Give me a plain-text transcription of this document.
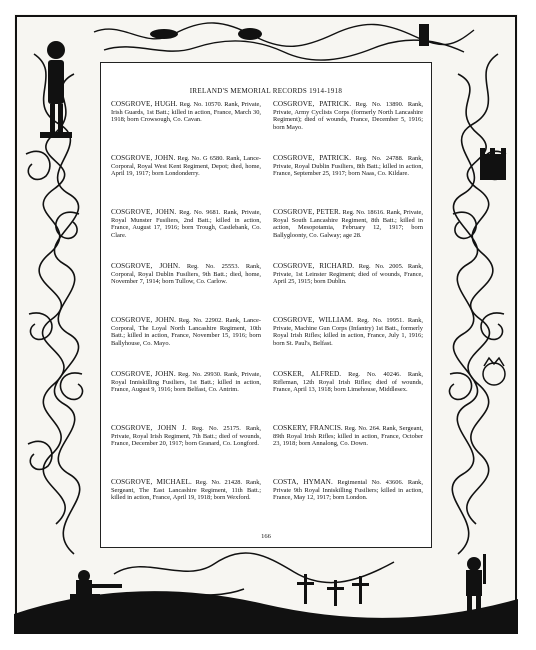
IRELAND'S MEMORIAL RECORDS 1914-1918
COSGROVE, HUGH. Reg. No. 10570. Rank, Private, Irish Guards, 1st Batt.; killed in action, France, March 30, 1918; born Crowsough, Co. Cavan.
COSGROVE, PATRICK. Reg. No. 13890. Rank, Private, Army Cyclists Corps (formerly North Lancashire Regiment); died of wounds, France, December 5, 1916; born Mayo.
COSGROVE, JOHN. Reg. No. G 6580. Rank, Lance-Corporal, Royal West Kent Regiment, Depot; died, home, April 19, 1917; born Londonderry.
COSGROVE, PATRICK. Reg. No. 24788. Rank, Private, Royal Dublin Fusiliers, 8th Batt.; killed in action, France, September 25, 1917; born Naas, Co. Kildare.
COSGROVE, JOHN. Reg. No. 9681. Rank, Private, Royal Munster Fusiliers, 2nd Batt.; killed in action, France, August 17, 1916; born Trough, Castlebank, Co. Clare.
COSGROVE, PETER. Reg. No. 18616. Rank, Private, Royal South Lancashire Regiment, 8th Batt.; killed in action, Mesopotamia, February 12, 1917; born Ballygloonty, Co. Galway; age 28.
COSGROVE, JOHN. Reg. No. 25553. Rank, Corporal, Royal Dublin Fusiliers, 9th Batt.; died, home, November 7, 1914; born Tullow, Co. Carlow.
COSGROVE, RICHARD. Reg. No. 2005. Rank, Private, 1st Leinster Regiment; died of wounds, France, April 25, 1915; born Dublin.
COSGROVE, JOHN. Reg. No. 22902. Rank, Lance-Corporal, The Loyal North Lancashire Regiment, 10th Batt.; killed in action, France, November 15, 1916; born Ballyhouse, Co. Mayo.
COSGROVE, WILLIAM. Reg. No. 19951. Rank, Private, Machine Gun Corps (Infantry) 1st Batt., formerly Royal Irish Rifles; killed in action, France, July 1, 1916; born St. Paul's, Belfast.
COSGROVE, JOHN. Reg. No. 29930. Rank, Private, Royal Inniskilling Fusiliers, 1st Batt.; killed in action, France, August 9, 1916; born Belfast, Co. Antrim.
COSKER, ALFRED. Reg. No. 40246. Rank, Rifleman, 12th Royal Irish Rifles; died of wounds, France, April 13, 1918; born Limehouse, Middlesex.
COSGROVE, JOHN J. Reg. No. 25175. Rank, Private, Royal Irish Regiment, 7th Batt.; died of wounds, France, December 20, 1917; born Granard, Co. Longford.
COSKERY, FRANCIS. Reg. No. 264. Rank, Sergeant, 89th Royal Irish Rifles; killed in action, France, October 23, 1918; born Annalong, Co. Down.
COSGROVE, MICHAEL. Reg. No. 21428. Rank, Sergeant, The East Lancashire Regiment, 11th Batt.; killed in action, France, April 19, 1918; born Wexford.
COSTA, HYMAN. Regimental No. 43606. Rank, Private 9th Royal Inniskilling Fusiliers; killed in action, France, May 12, 1917; born London.
166
